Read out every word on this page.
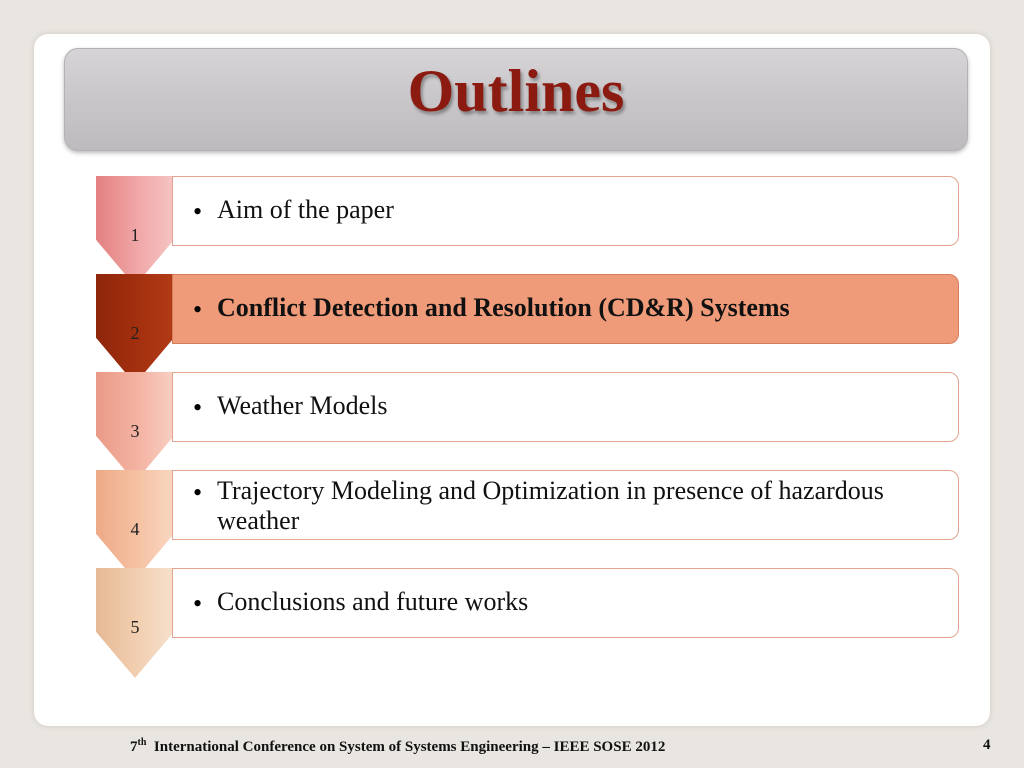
Outlines
1
• Aim of the paper
2
• Conflict Detection and Resolution (CD&R) Systems
3
• Weather Models
4
• Trajectory Modeling and Optimization in presence of hazardous weather
5
• Conclusions and future works
7th International Conference on System of Systems Engineering – IEEE SOSE 2012	4
